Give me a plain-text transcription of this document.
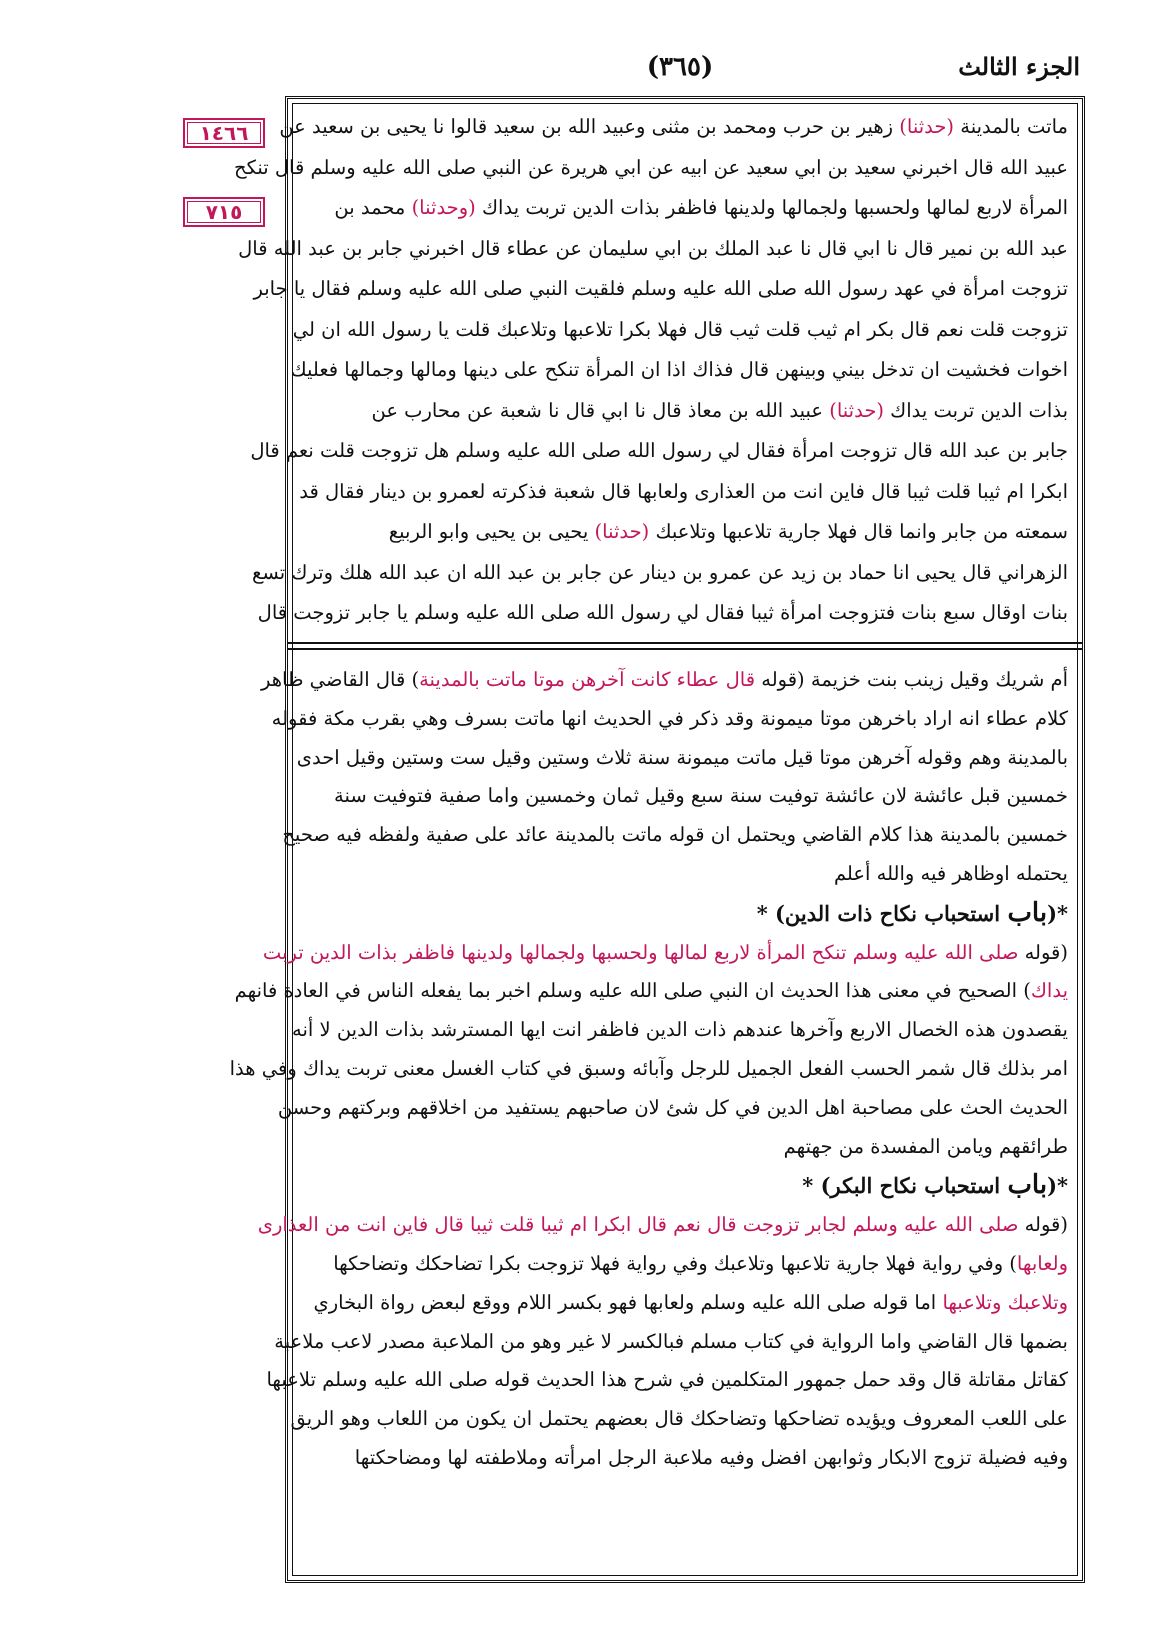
(٣٦٥)	الجزء الثالث
١٤٦٦
٧١٥

ماتت بالمدينة (حدثنا) زهير بن حرب ومحمد بن مثنى وعبيد الله بن سعيد قالوا نا يحيى بن سعيد عن

عبيد الله قال اخبرني سعيد بن ابي سعيد عن ابيه عن ابي هريرة عن النبي صلى الله عليه وسلم قال تنكح

المرأة لاربع لمالها ولحسبها ولجمالها ولدينها فاظفر بذات الدين تربت يداك (وحدثنا) محمد بن

عبد الله بن نمير قال نا ابي قال نا عبد الملك بن ابي سليمان عن عطاء قال اخبرني جابر بن عبد الله قال

تزوجت امرأة في عهد رسول الله صلى الله عليه وسلم فلقيت النبي صلى الله عليه وسلم فقال يا جابر

تزوجت قلت نعم قال بكر ام ثيب قلت ثيب قال فهلا بكرا تلاعبها وتلاعبك قلت يا رسول الله ان لي

اخوات فخشيت ان تدخل بيني وبينهن قال فذاك اذا ان المرأة تنكح على دينها ومالها وجمالها فعليك

بذات الدين تربت يداك (حدثنا) عبيد الله بن معاذ قال نا ابي قال نا شعبة عن محارب عن

جابر بن عبد الله قال تزوجت امرأة فقال لي رسول الله صلى الله عليه وسلم هل تزوجت قلت نعم قال

ابكرا ام ثيبا قلت ثيبا قال فاين انت من العذارى ولعابها قال شعبة فذكرته لعمرو بن دينار فقال قد

سمعته من جابر وانما قال فهلا جارية تلاعبها وتلاعبك (حدثنا) يحيى بن يحيى وابو الربيع

الزهراني قال يحيى انا حماد بن زيد عن عمرو بن دينار عن جابر بن عبد الله ان عبد الله هلك وترك تسع

بنات اوقال سبع بنات فتزوجت امرأة ثيبا فقال لي رسول الله صلى الله عليه وسلم يا جابر تزوجت قال

أم شريك وقيل زينب بنت خزيمة (قوله قال عطاء كانت آخرهن موتا ماتت بالمدينة) قال القاضي ظاهر

كلام عطاء انه اراد باخرهن موتا ميمونة وقد ذكر في الحديث انها ماتت بسرف وهي بقرب مكة فقوله

بالمدينة وهم وقوله آخرهن موتا قيل ماتت ميمونة سنة ثلاث وستين وقيل ست وستين وقيل احدى

خمسين قبل عائشة لان عائشة توفيت سنة سبع وقيل ثمان وخمسين واما صفية فتوفيت سنة

خمسين بالمدينة هذا كلام القاضي ويحتمل ان قوله ماتت بالمدينة عائد على صفية ولفظه فيه صحيح

يحتمله اوظاهر فيه والله أعلم

*(باب استحباب نكاح ذات الدين) *

(قوله صلى الله عليه وسلم تنكح المرأة لاربع لمالها ولحسبها ولجمالها ولدينها فاظفر بذات الدين تربت

يداك) الصحيح في معنى هذا الحديث ان النبي صلى الله عليه وسلم اخبر بما يفعله الناس في العادة فانهم

يقصدون هذه الخصال الاربع وآخرها عندهم ذات الدين فاظفر انت ايها المسترشد بذات الدين لا أنه

امر بذلك قال شمر الحسب الفعل الجميل للرجل وآبائه وسبق في كتاب الغسل معنى تربت يداك وفي هذا

الحديث الحث على مصاحبة اهل الدين في كل شئ لان صاحبهم يستفيد من اخلاقهم وبركتهم وحسن

طرائقهم ويامن المفسدة من جهتهم

*(باب استحباب نكاح البكر) *

(قوله صلى الله عليه وسلم لجابر تزوجت قال نعم قال ابكرا ام ثيبا قلت ثيبا قال فاين انت من العذارى

ولعابها) وفي رواية فهلا جارية تلاعبها وتلاعبك وفي رواية فهلا تزوجت بكرا تضاحكك وتضاحكها

وتلاعبك وتلاعبها اما قوله صلى الله عليه وسلم ولعابها فهو بكسر اللام ووقع لبعض رواة البخاري

بضمها قال القاضي واما الرواية في كتاب مسلم فبالكسر لا غير وهو من الملاعبة مصدر لاعب ملاعبة

كقاتل مقاتلة قال وقد حمل جمهور المتكلمين في شرح هذا الحديث قوله صلى الله عليه وسلم تلاعبها

على اللعب المعروف ويؤيده تضاحكها وتضاحكك قال بعضهم يحتمل ان يكون من اللعاب وهو الريق

وفيه فضيلة تزوج الابكار وثوابهن افضل وفيه ملاعبة الرجل امرأته وملاطفته لها ومضاحكتها
